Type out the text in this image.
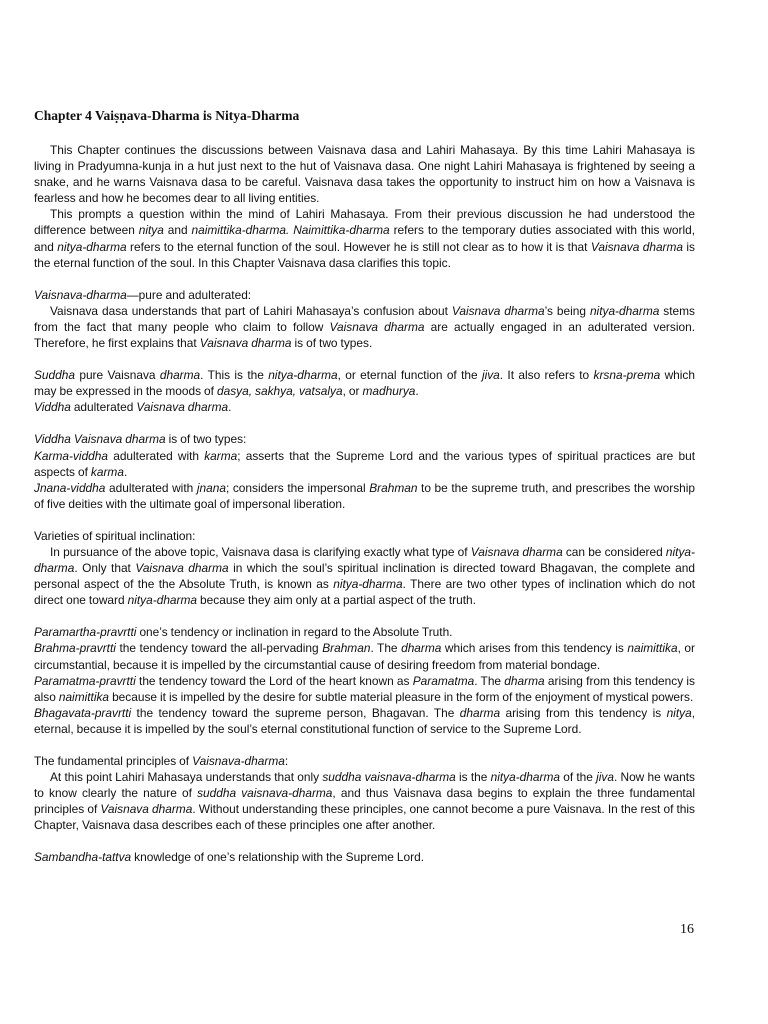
Chapter 4 Vaiṣṇava-Dharma is Nitya-Dharma

This Chapter continues the discussions between Vaisnava dasa and Lahiri Mahasaya. By this time Lahiri Mahasaya is living in Pradyumna-kunja in a hut just next to the hut of Vaisnava dasa. One night Lahiri Mahasaya is frightened by seeing a snake, and he warns Vaisnava dasa to be careful. Vaisnava dasa takes the opportunity to instruct him on how a Vaisnava is fearless and how he becomes dear to all living entities.

This prompts a question within the mind of Lahiri Mahasaya. From their previous discussion he had understood the difference between nitya and naimittika-dharma. Naimittika-dharma refers to the temporary duties associated with this world, and nitya-dharma refers to the eternal function of the soul. However he is still not clear as to how it is that Vaisnava dharma is the eternal function of the soul. In this Chapter Vaisnava dasa clarifies this topic.

Vaisnava-dharma—pure and adulterated:

Vaisnava dasa understands that part of Lahiri Mahasaya’s confusion about Vaisnava dharma’s being nitya-dharma stems from the fact that many people who claim to follow Vaisnava dharma are actually engaged in an adulterated version. Therefore, he first explains that Vaisnava dharma is of two types.

Suddha pure Vaisnava dharma. This is the nitya-dharma, or eternal function of the jiva. It also refers to krsna-prema which may be expressed in the moods of dasya, sakhya, vatsalya, or madhurya.

Viddha adulterated Vaisnava dharma.

Viddha Vaisnava dharma is of two types:

Karma-viddha adulterated with karma; asserts that the Supreme Lord and the various types of spiritual practices are but aspects of karma.

Jnana-viddha adulterated with jnana; considers the impersonal Brahman to be the supreme truth, and prescribes the worship of five deities with the ultimate goal of impersonal liberation.

Varieties of spiritual inclination:

In pursuance of the above topic, Vaisnava dasa is clarifying exactly what type of Vaisnava dharma can be considered nitya-dharma. Only that Vaisnava dharma in which the soul’s spiritual inclination is directed toward Bhagavan, the complete and personal aspect of the the Absolute Truth, is known as nitya-dharma. There are two other types of inclination which do not direct one toward nitya-dharma because they aim only at a partial aspect of the truth.

Paramartha-pravrtti one’s tendency or inclination in regard to the Absolute Truth.

Brahma-pravrtti the tendency toward the all-pervading Brahman. The dharma which arises from this tendency is naimittika, or circumstantial, because it is impelled by the circumstantial cause of desiring freedom from material bondage.

Paramatma-pravrtti the tendency toward the Lord of the heart known as Paramatma. The dharma arising from this tendency is also naimittika because it is impelled by the desire for subtle material pleasure in the form of the enjoyment of mystical powers.

Bhagavata-pravrtti the tendency toward the supreme person, Bhagavan. The dharma arising from this tendency is nitya, eternal, because it is impelled by the soul’s eternal constitutional function of service to the Supreme Lord.

The fundamental principles of Vaisnava-dharma:

At this point Lahiri Mahasaya understands that only suddha vaisnava-dharma is the nitya-dharma of the jiva. Now he wants to know clearly the nature of suddha vaisnava-dharma, and thus Vaisnava dasa begins to explain the three fundamental principles of Vaisnava dharma. Without understanding these principles, one cannot become a pure Vaisnava. In the rest of this Chapter, Vaisnava dasa describes each of these principles one after another.

Sambandha-tattva knowledge of one’s relationship with the Supreme Lord.

16
